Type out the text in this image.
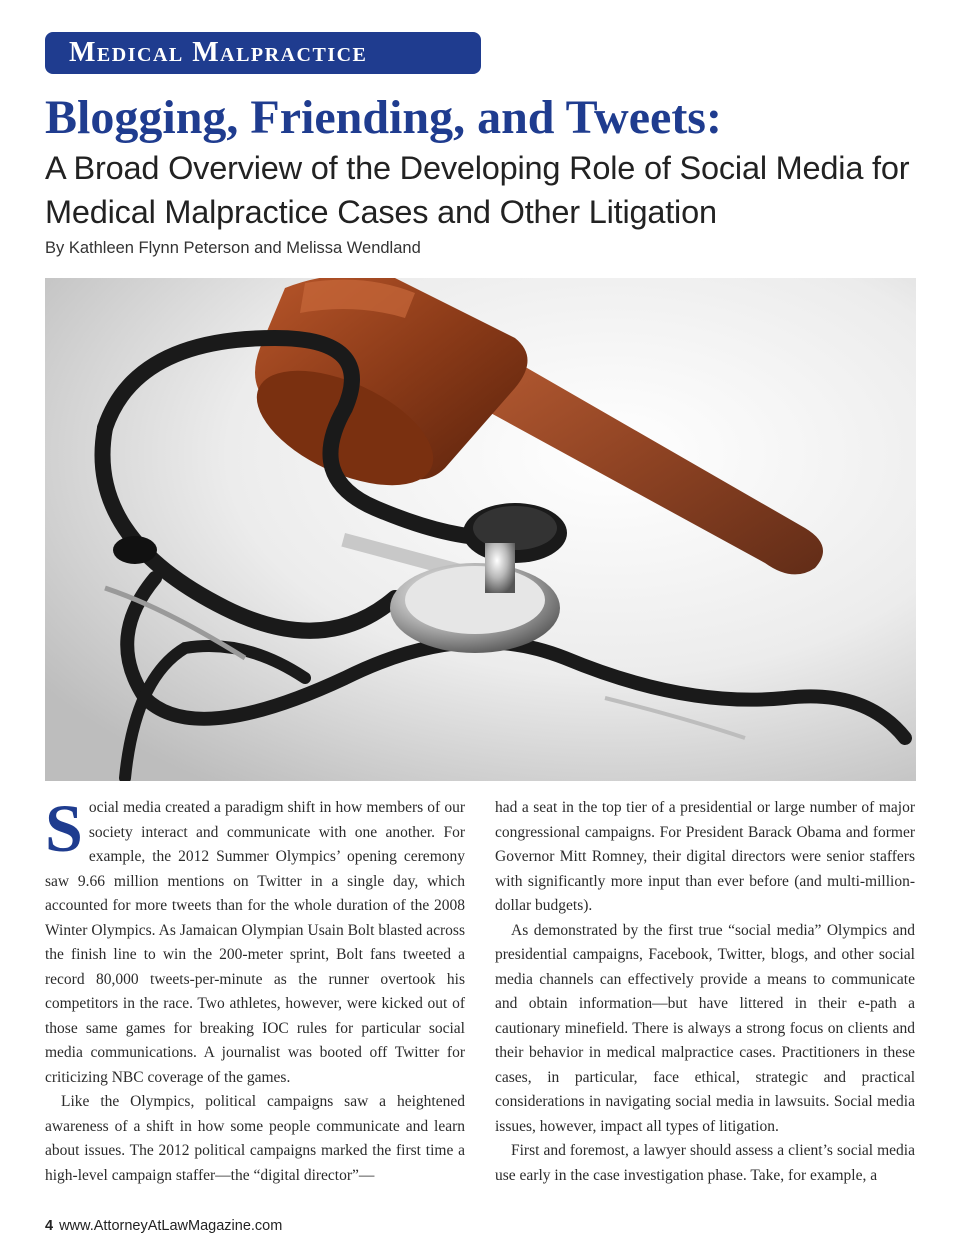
Medical Malpractice
Blogging, Friending, and Tweets:
A Broad Overview of the Developing Role of Social Media for Medical Malpractice Cases and Other Litigation
By Kathleen Flynn Peterson and Melissa Wendland

Social media created a paradigm shift in how members of our society interact and communicate with one another. For example, the 2012 Summer Olympics’ opening ceremony saw 9.66 million mentions on Twitter in a single day, which accounted for more tweets than for the whole duration of the 2008 Winter Olympics. As Jamaican Olympian Usain Bolt blasted across the finish line to win the 200-meter sprint, Bolt fans tweeted a record 80,000 tweets-per-minute as the runner overtook his competitors in the race. Two athletes, however, were kicked out of those same games for breaking IOC rules for particular social media communications. A journalist was booted off Twitter for criticizing NBC coverage of the games.

Like the Olympics, political campaigns saw a heightened awareness of a shift in how some people communicate and learn about issues. The 2012 political campaigns marked the first time a high-level campaign staffer—the “digital director”—

had a seat in the top tier of a presidential or large number of major congressional campaigns. For President Barack Obama and former Governor Mitt Romney, their digital directors were senior staffers with significantly more input than ever before (and multi-million-dollar budgets).

As demonstrated by the first true “social media” Olympics and presidential campaigns, Facebook, Twitter, blogs, and other social media channels can effectively provide a means to communicate and obtain information—but have littered in their e-path a cautionary minefield. There is always a strong focus on clients and their behavior in medical malpractice cases. Practitioners in these cases, in particular, face ethical, strategic and practical considerations in navigating social media in lawsuits. Social media issues, however, impact all types of litigation.

First and foremost, a lawyer should assess a client’s social media use early in the case investigation phase. Take, for example, a

4 www.AttorneyAtLawMagazine.com
